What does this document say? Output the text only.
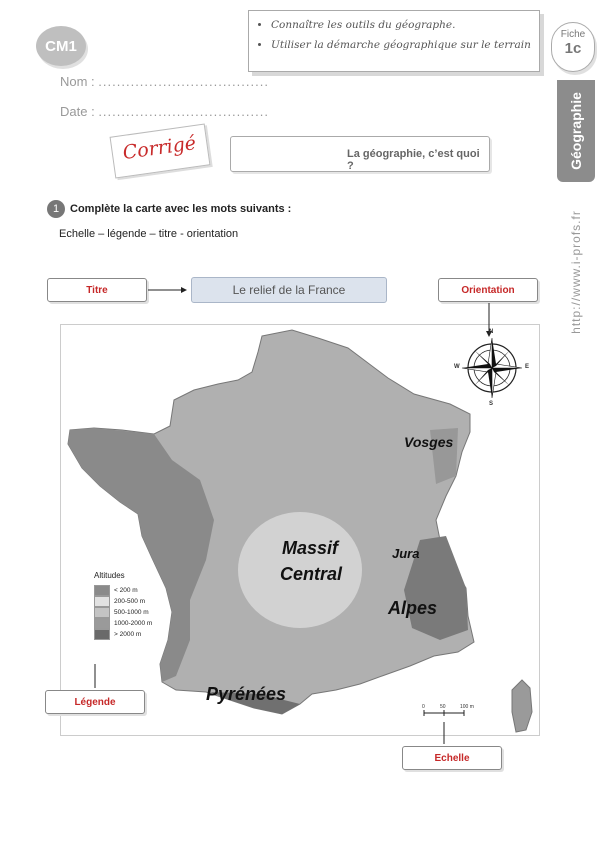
CM1
• Connaître les outils du géographe.
• Utiliser la démarche géographique sur le terrain
Fiche
1c
Géographie
http://www.i-profs.fr
Nom : .....................................
Date : .....................................
La géographie, c’est quoi ?
Corrigé
1 Complète la carte avec les mots suivants :
Echelle – légende – titre - orientation
Titre	Le relief de la France	Orientation
N
S
E
W
0	50	100 m
Vosges
Massif
Central
Jura
Alpes
Pyrénées
Altitudes
< 200 m
200-500 m
500-1000 m
1000-2000 m
> 2000 m
Légende
Echelle
